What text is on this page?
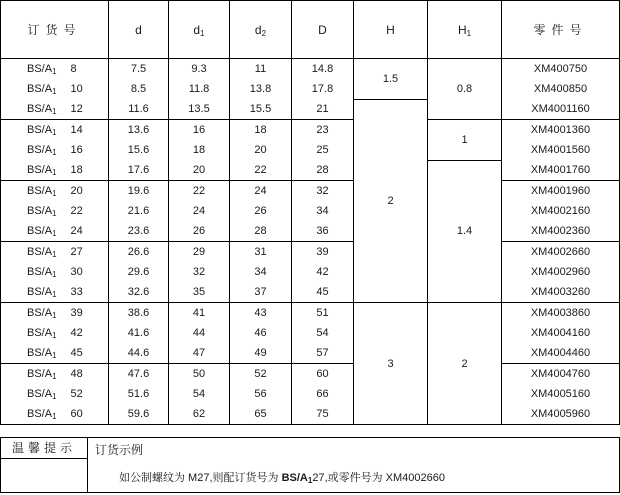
订货号	d	$d_1$	$d_2$	D	H	$H_1$	零件号
$BS/A_1$ 8	7.5	9.3	11	14.8	1.5	0.8	XM400750
$BS/A_1$ 10	8.5	11.8	13.8	17.8			XM400850
$BS/A_1$ 12	11.6	13.5	15.5	21	2		XM4001160
$BS/A_1$ 14	13.6	16	18	23		1	XM4001360
$BS/A_1$ 16	15.6	18	20	25			XM4001560
$BS/A_1$ 18	17.6	20	22	28		1.4	XM4001760
$BS/A_1$ 20	19.6	22	24	32			XM4001960
$BS/A_1$ 22	21.6	24	26	34			XM4002160
$BS/A_1$ 24	23.6	26	28	36			XM4002360
$BS/A_1$ 27	26.6	29	31	39			XM4002660
$BS/A_1$ 30	29.6	32	34	42			XM4002960
$BS/A_1$ 33	32.6	35	37	45			XM4003260
$BS/A_1$ 39	38.6	41	43	51	3	2	XM4003860
$BS/A_1$ 42	41.6	44	46	54			XM4004160
$BS/A_1$ 45	44.6	47	49	57			XM4004460
$BS/A_1$ 48	47.6	50	52	60			XM4004760
$BS/A_1$ 52	51.6	54	56	66			XM4005160
$BS/A_1$ 60	59.6	62	65	75			XM4005960
温馨提示	订货示例
如公制螺纹为 M27,则配订货号为 $BS/A_127$,或零件号为 XM4002660
